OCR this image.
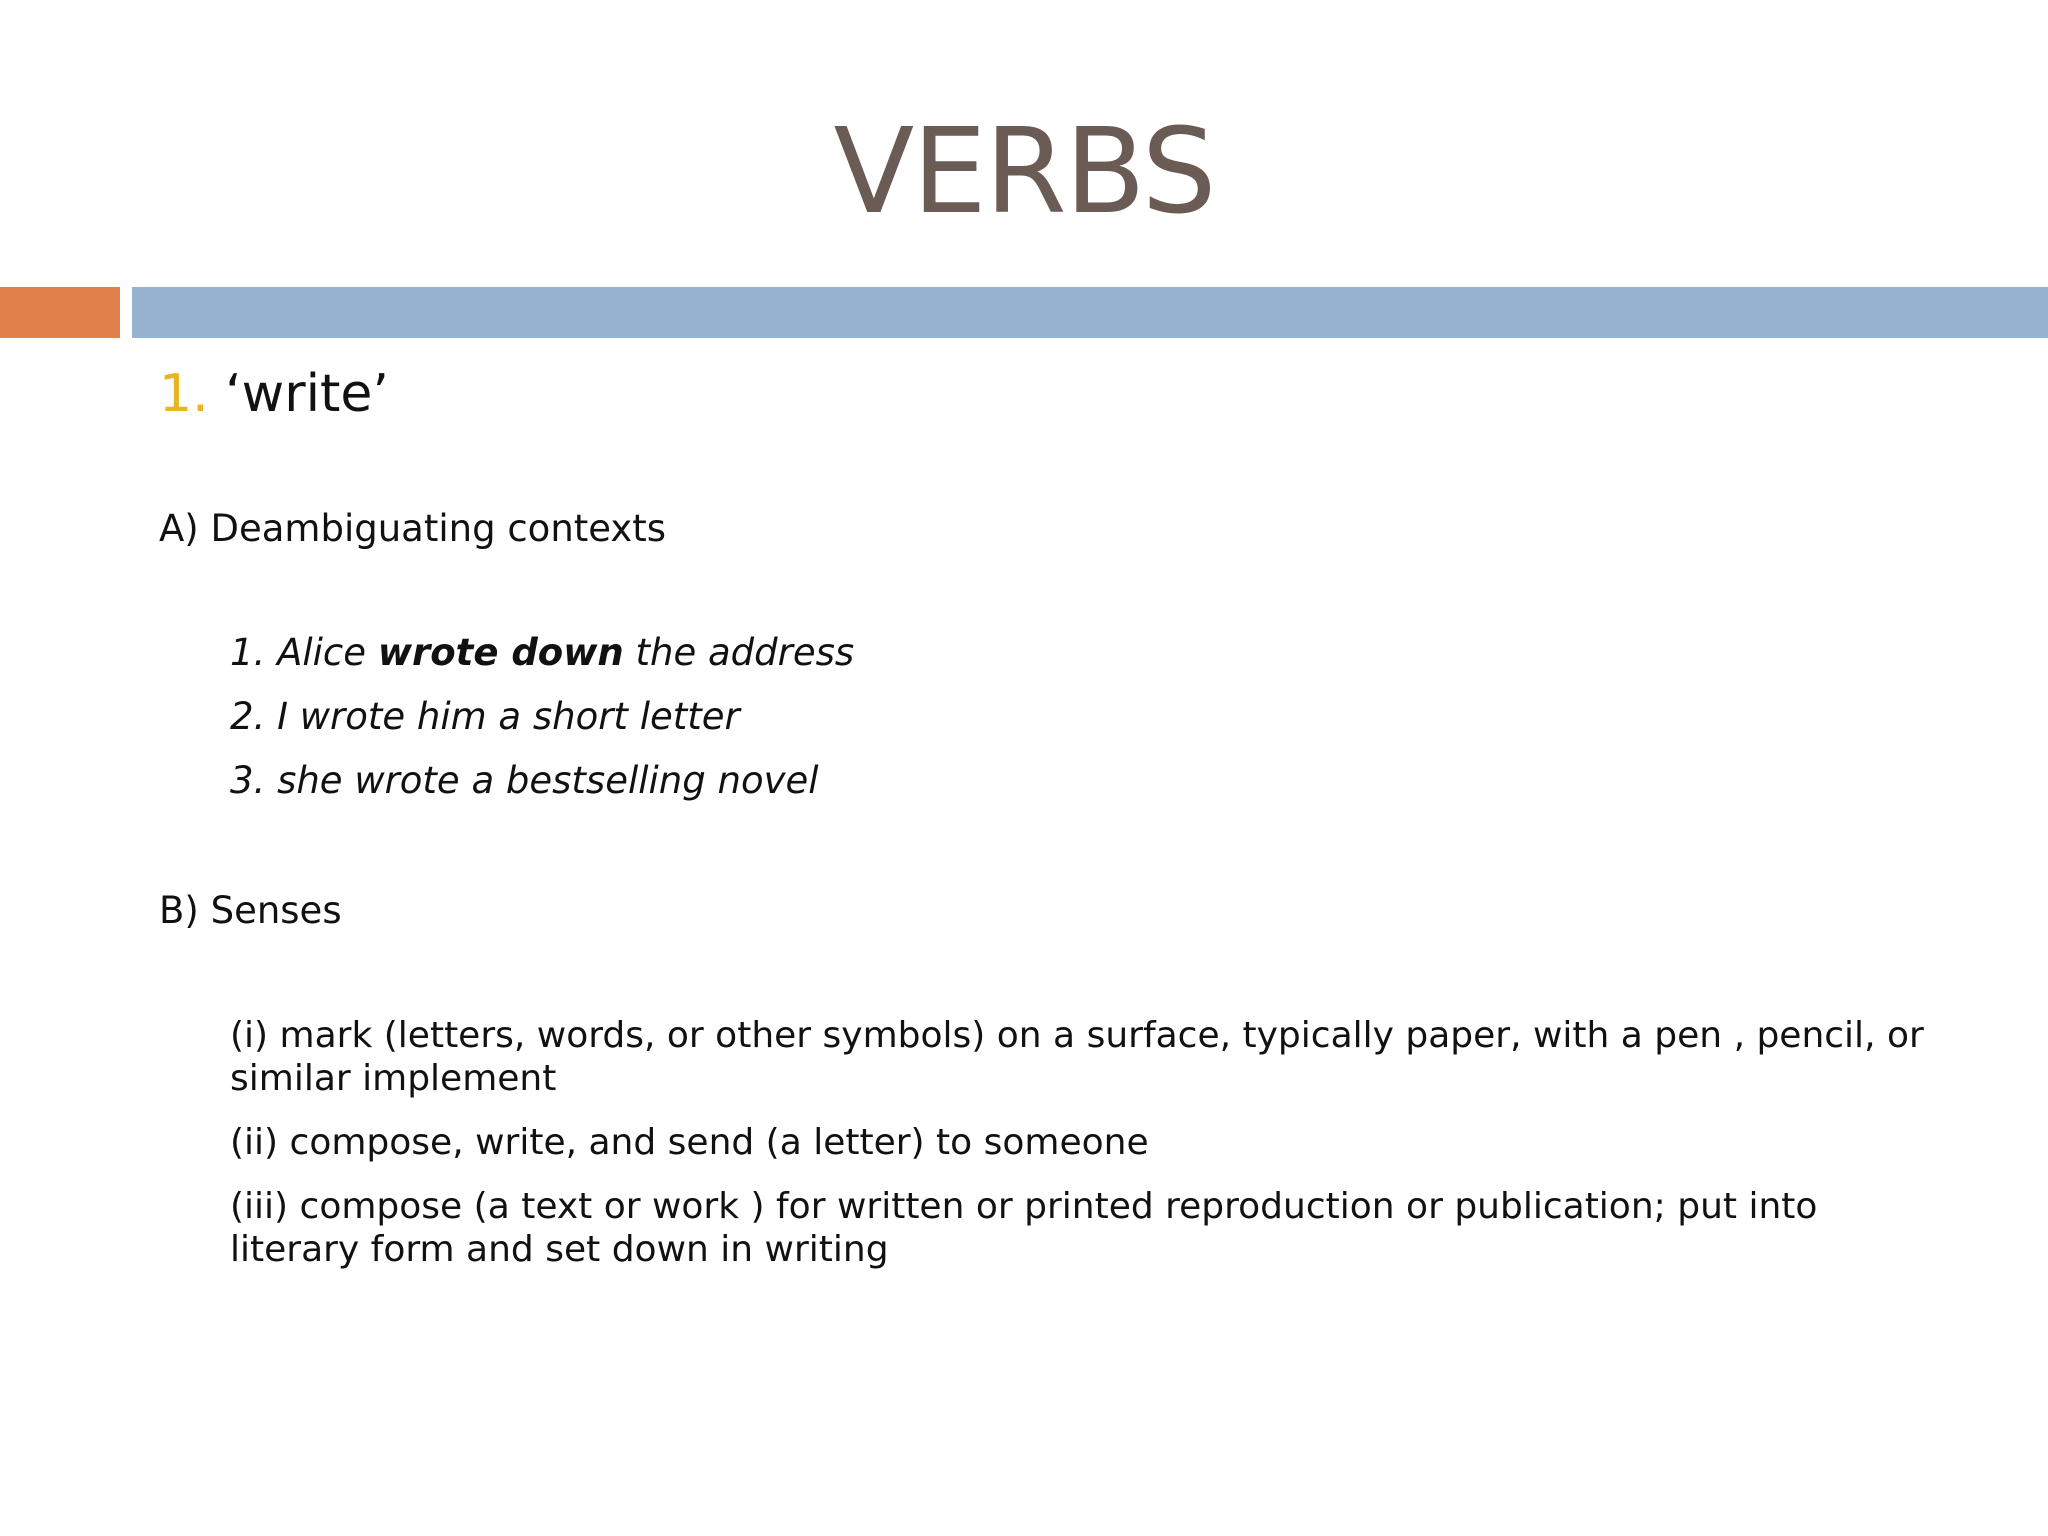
VERBS
1. ‘write’

A) Deambiguating contexts

1. Alice wrote down the address
2. I wrote him a short letter
3. she wrote a bestselling novel

B) Senses

(i) mark (letters, words, or other symbols) on a surface, typically paper, with a pen , pencil, or similar implement
(ii) compose, write, and send (a letter) to someone
(iii) compose (a text or work ) for written or printed reproduction or publication; put into literary form and set down in writing
